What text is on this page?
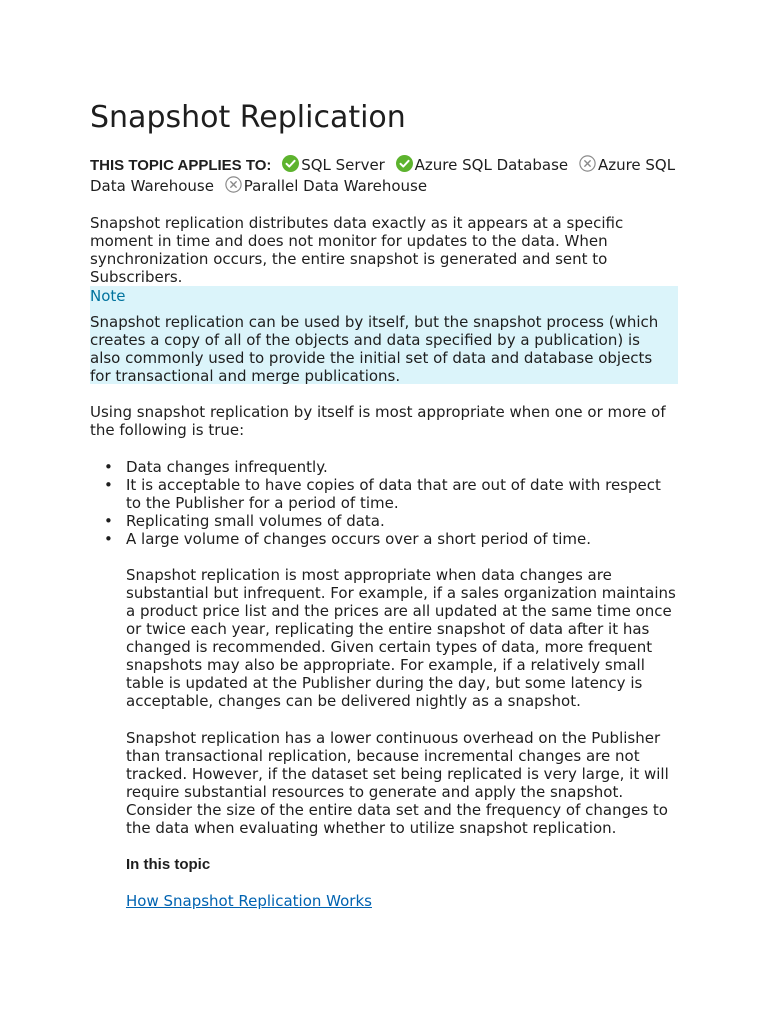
Snapshot Replication
THIS TOPIC APPLIES TO: SQL Server Azure SQL Database Azure SQL Data Warehouse Parallel Data Warehouse

Snapshot replication distributes data exactly as it appears at a specific moment in time and does not monitor for updates to the data. When synchronization occurs, the entire snapshot is generated and sent to Subscribers.

Note

Snapshot replication can be used by itself, but the snapshot process (which creates a copy of all of the objects and data specified by a publication) is also commonly used to provide the initial set of data and database objects for transactional and merge publications.

Using snapshot replication by itself is most appropriate when one or more of the following is true:

• Data changes infrequently.
• It is acceptable to have copies of data that are out of date with respect to the Publisher for a period of time.
• Replicating small volumes of data.
• A large volume of changes occurs over a short period of time.

Snapshot replication is most appropriate when data changes are substantial but infrequent. For example, if a sales organization maintains a product price list and the prices are all updated at the same time once or twice each year, replicating the entire snapshot of data after it has changed is recommended. Given certain types of data, more frequent snapshots may also be appropriate. For example, if a relatively small table is updated at the Publisher during the day, but some latency is acceptable, changes can be delivered nightly as a snapshot.

Snapshot replication has a lower continuous overhead on the Publisher than transactional replication, because incremental changes are not tracked. However, if the dataset set being replicated is very large, it will require substantial resources to generate and apply the snapshot. Consider the size of the entire data set and the frequency of changes to the data when evaluating whether to utilize snapshot replication.

In this topic

How Snapshot Replication Works
